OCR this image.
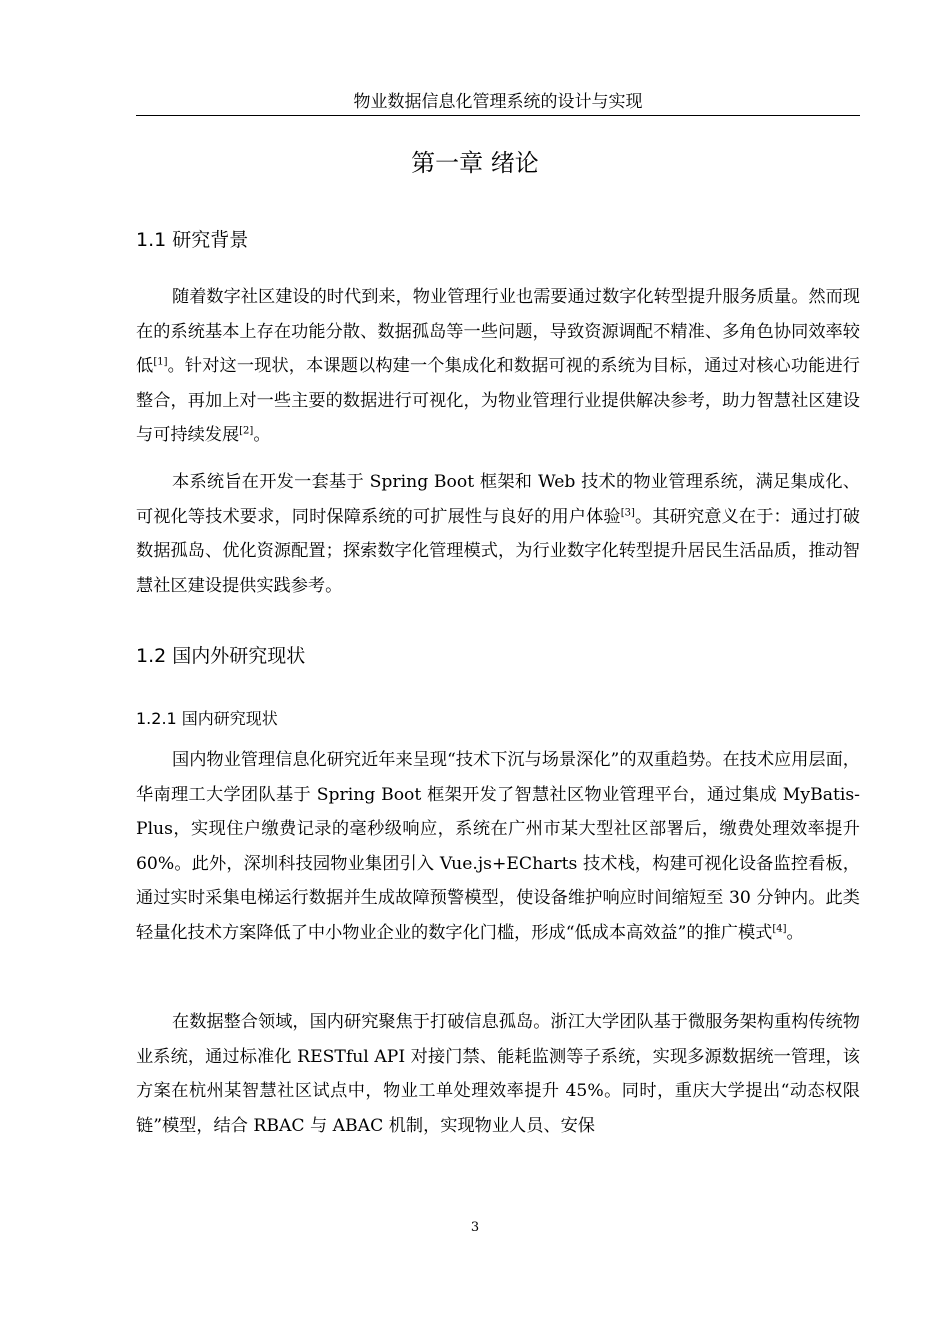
物业数据信息化管理系统的设计与实现
第一章 绪论
1.1 研究背景

随着数字社区建设的时代到来，物业管理行业也需要通过数字化转型提升服务质量。然而现在的系统基本上存在功能分散、数据孤岛等一些问题，导致资源调配不精准、多角色协同效率较低[1]。针对这一现状，本课题以构建一个集成化和数据可视的系统为目标，通过对核心功能进行整合，再加上对一些主要的数据进行可视化，为物业管理行业提供解决参考，助力智慧社区建设与可持续发展[2]。

本系统旨在开发一套基于 Spring Boot 框架和 Web 技术的物业管理系统，满足集成化、可视化等技术要求，同时保障系统的可扩展性与良好的用户体验[3]。其研究意义在于：通过打破数据孤岛、优化资源配置；探索数字化管理模式，为行业数字化转型提升居民生活品质，推动智慧社区建设提供实践参考。

1.2 国内外研究现状
1.2.1 国内研究现状

国内物业管理信息化研究近年来呈现“技术下沉与场景深化”的双重趋势。在技术应用层面，华南理工大学团队基于 Spring Boot 框架开发了智慧社区物业管理平台，通过集成 MyBatis-Plus，实现住户缴费记录的毫秒级响应，系统在广州市某大型社区部署后，缴费处理效率提升 60%。此外，深圳科技园物业集团引入 Vue.js+ECharts 技术栈，构建可视化设备监控看板，通过实时采集电梯运行数据并生成故障预警模型，使设备维护响应时间缩短至 30 分钟内。此类轻量化技术方案降低了中小物业企业的数字化门槛，形成“低成本高效益”的推广模式[4]。

在数据整合领域，国内研究聚焦于打破信息孤岛。浙江大学团队基于微服务架构重构传统物业系统，通过标准化 RESTful API 对接门禁、能耗监测等子系统，实现多源数据统一管理，该方案在杭州某智慧社区试点中，物业工单处理效率提升 45%。同时，重庆大学提出“动态权限链”模型，结合 RBAC 与 ABAC 机制，实现物业人员、安保

3
